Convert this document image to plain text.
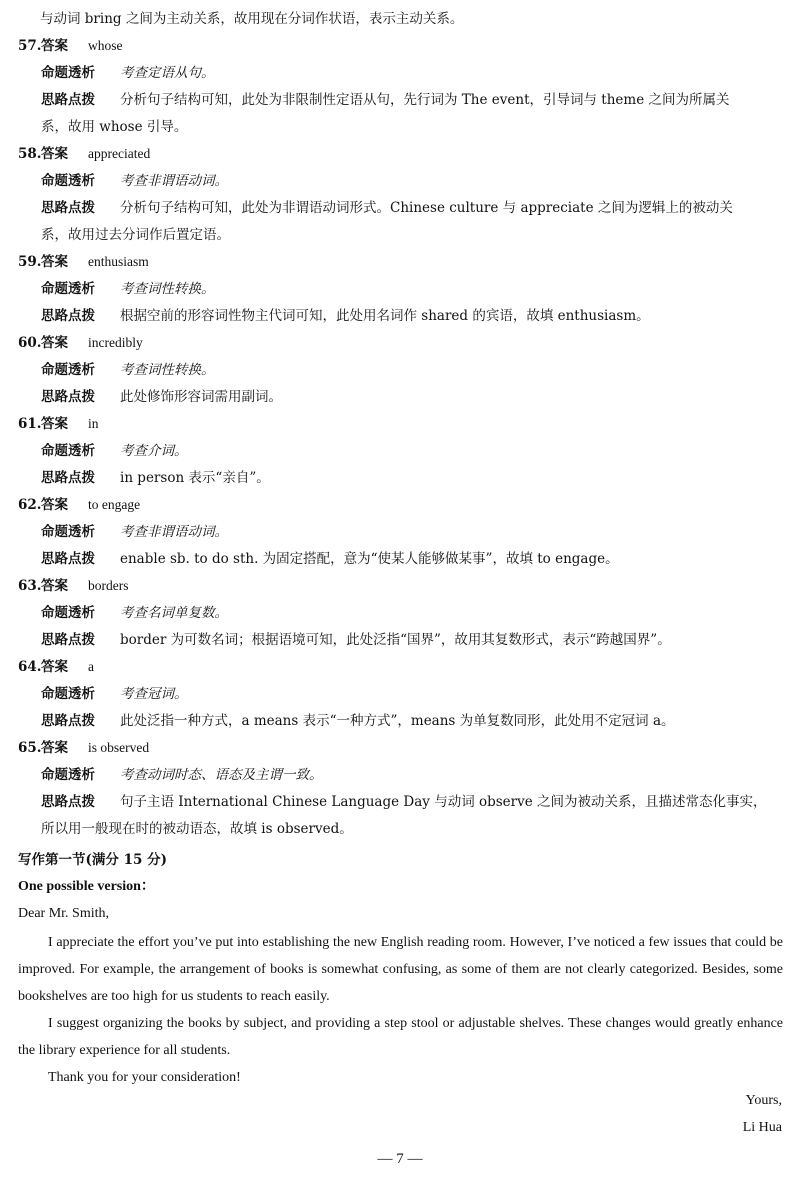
与动词 bring 之间为主动关系，故用现在分词作状语，表示主动关系。
57. 答案 whose
命题透析 考查定语从句。
思路点拨 分析句子结构可知，此处为非限制性定语从句，先行词为 The event，引导词与 theme 之间为所属关
系，故用 whose 引导。
58. 答案 appreciated
命题透析 考查非谓语动词。
思路点拨 分析句子结构可知，此处为非谓语动词形式。Chinese culture 与 appreciate 之间为逻辑上的被动关
系，故用过去分词作后置定语。
59. 答案 enthusiasm
命题透析 考查词性转换。
思路点拨 根据空前的形容词性物主代词可知，此处用名词作 shared 的宾语，故填 enthusiasm。
60. 答案 incredibly
命题透析 考查词性转换。
思路点拨 此处修饰形容词需用副词。
61. 答案 in
命题透析 考查介词。
思路点拨 in person 表示“亲自”。
62. 答案 to engage
命题透析 考查非谓语动词。
思路点拨 enable sb. to do sth. 为固定搭配，意为“使某人能够做某事”，故填 to engage。
63. 答案 borders
命题透析 考查名词单复数。
思路点拨 border 为可数名词；根据语境可知，此处泛指“国界”，故用其复数形式，表示“跨越国界”。
64. 答案 a
命题透析 考查冠词。
思路点拨 此处泛指一种方式，a means 表示“一种方式”，means 为单复数同形，此处用不定冠词 a。
65. 答案 is observed
命题透析 考查动词时态、语态及主谓一致。
思路点拨 句子主语 International Chinese Language Day 与动词 observe 之间为被动关系，且描述常态化事实，
所以用一般现在时的被动语态，故填 is observed。
写作第一节(满分 15 分)
One possible version：
Dear Mr. Smith,
I appreciate the effort you’ve put into establishing the new English reading room. However, I’ve noticed a few issues that could be improved. For example, the arrangement of books is somewhat confusing, as some of them are not clearly categorized. Besides, some bookshelves are too high for us students to reach easily.
I suggest organizing the books by subject, and providing a step stool or adjustable shelves. These changes would greatly enhance the library experience for all students.
Thank you for your consideration!
Yours,
Li Hua
— 7 —
